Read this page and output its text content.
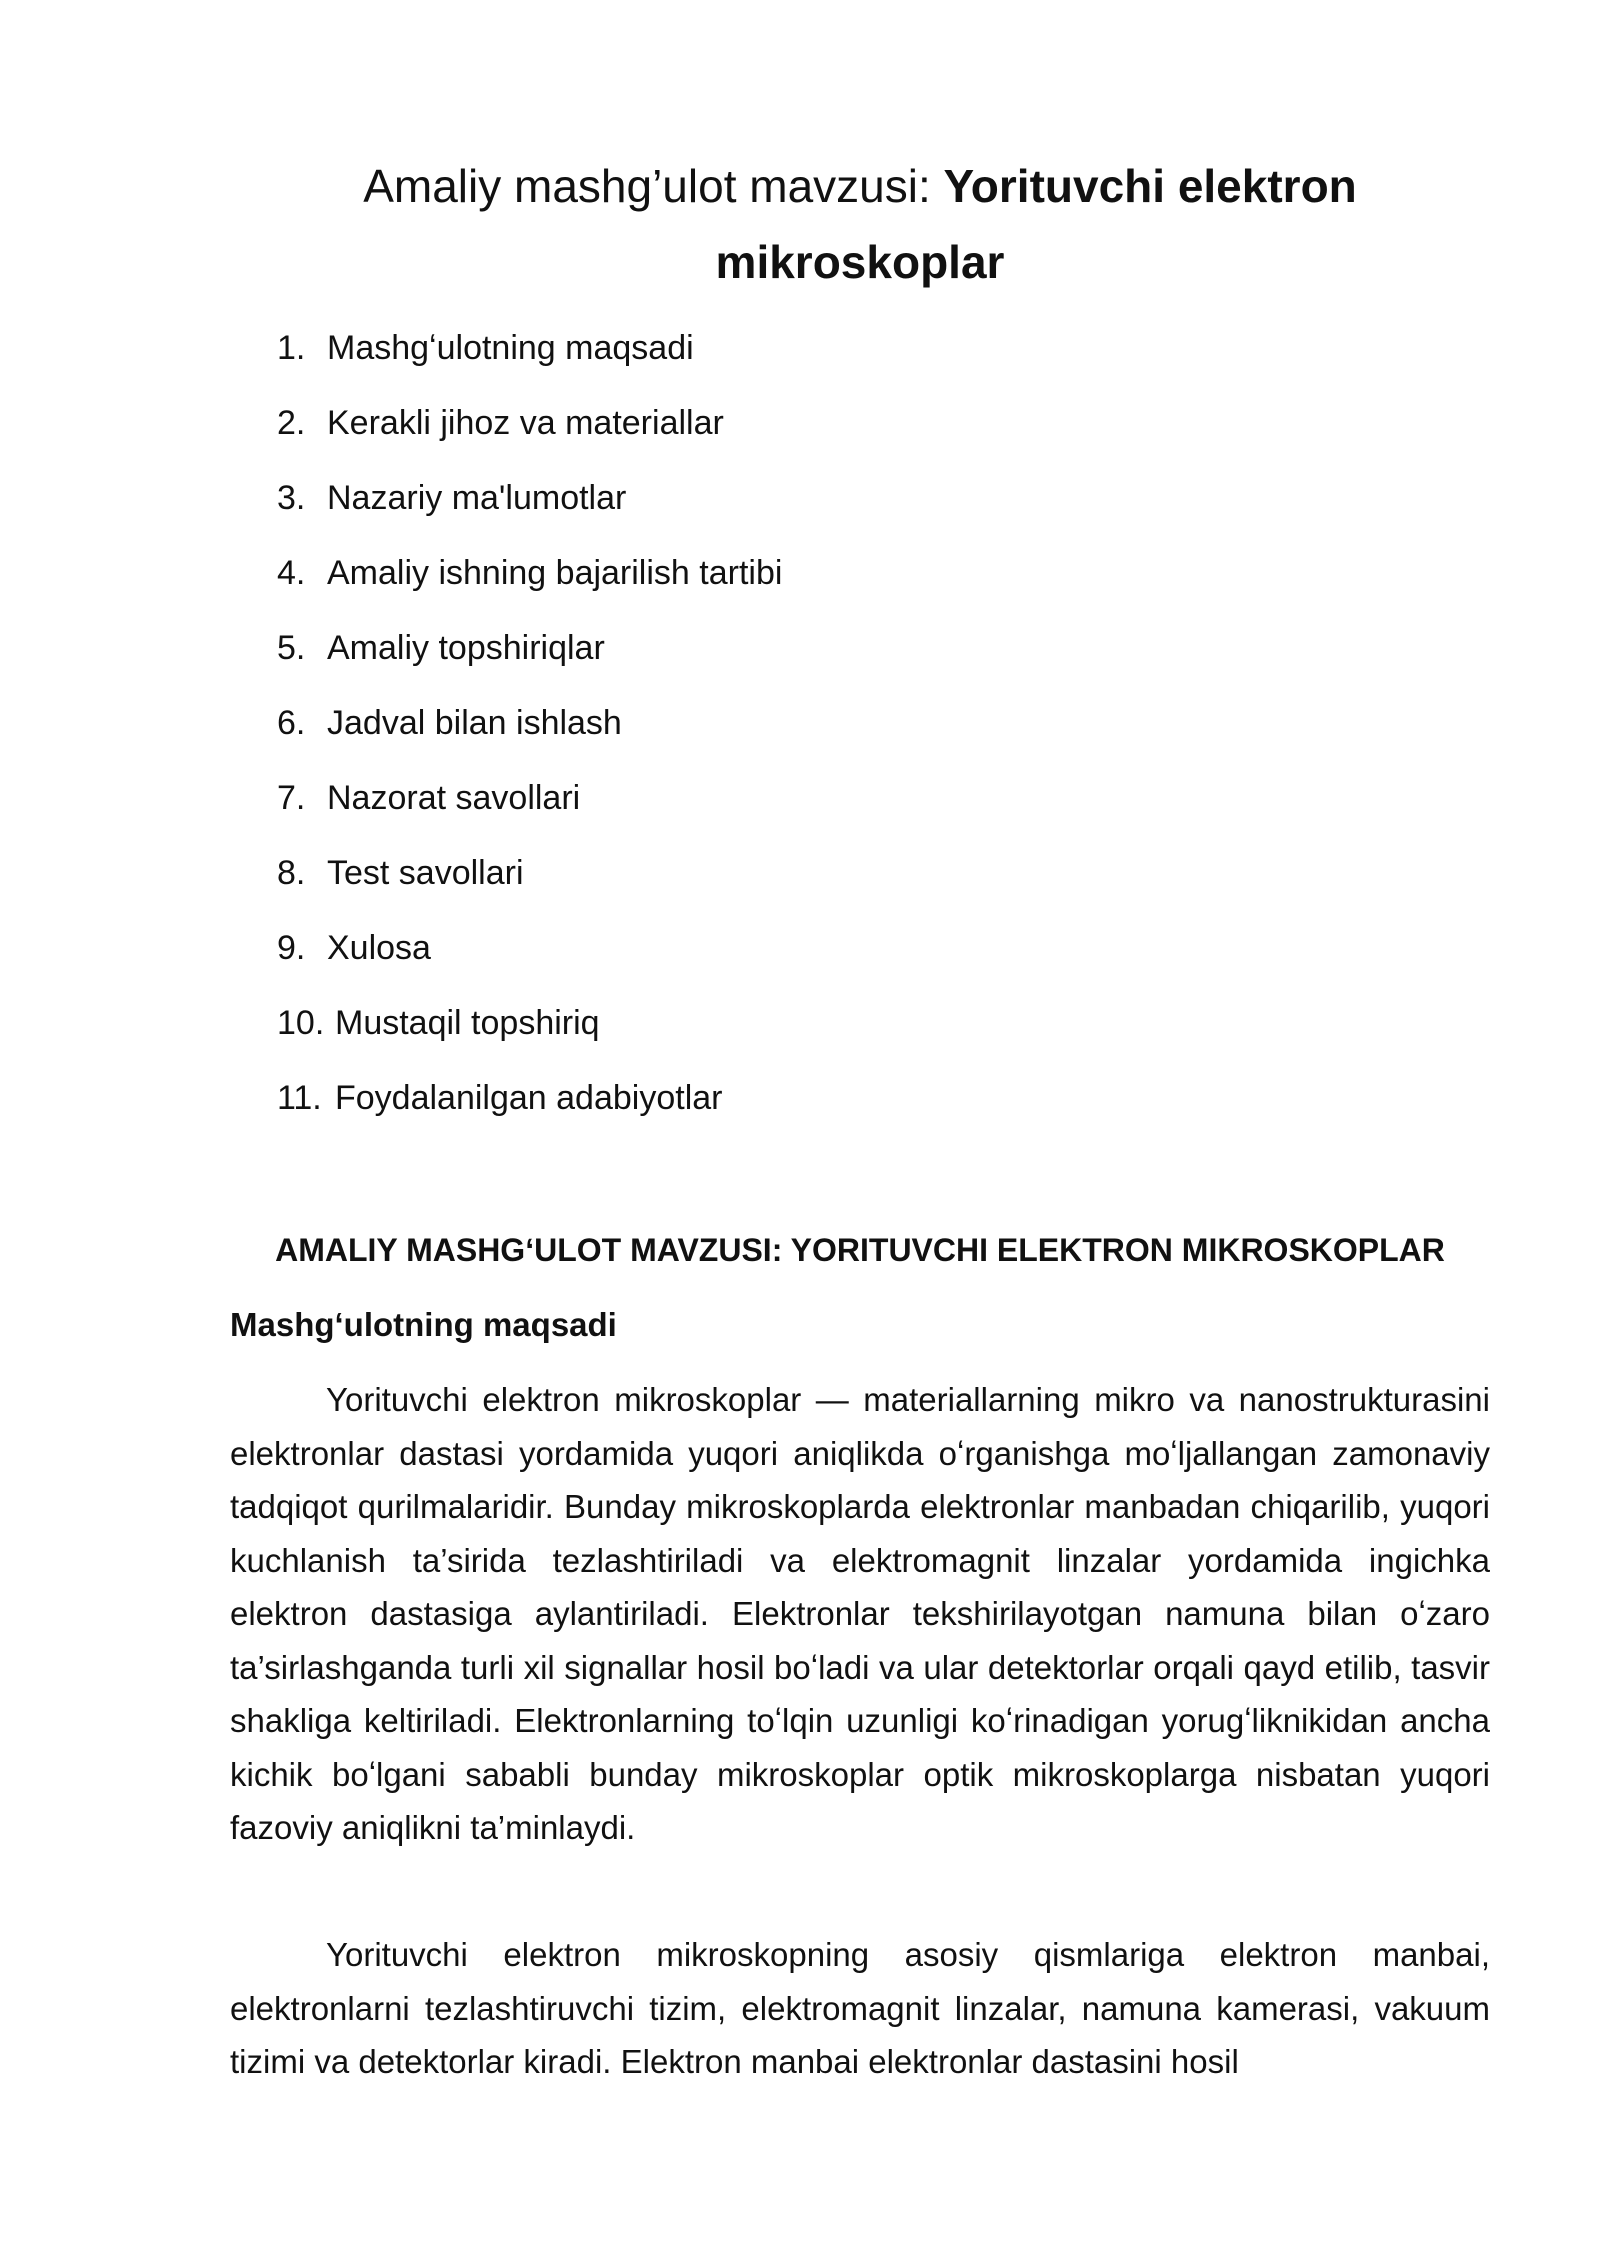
Amaliy mashg’ulot mavzusi: Yorituvchi elektron mikroskoplar
1. Mashgʻulotning maqsadi
2. Kerakli jihoz va materiallar
3. Nazariy ma'lumotlar
4. Amaliy ishning bajarilish tartibi
5. Amaliy topshiriqlar
6. Jadval bilan ishlash
7. Nazorat savollari
8. Test savollari
9. Xulosa
10. Mustaqil topshiriq
11. Foydalanilgan adabiyotlar
AMALIY MASHGʻULOT MAVZUSI: YORITUVCHI ELEKTRON MIKROSKOPLAR
Mashgʻulotning maqsadi

Yorituvchi elektron mikroskoplar — materiallarning mikro va nanostrukturasini elektronlar dastasi yordamida yuqori aniqlikda oʻrganishga moʻljallangan zamonaviy tadqiqot qurilmalaridir. Bunday mikroskoplarda elektronlar manbadan chiqarilib, yuqori kuchlanish ta’sirida tezlashtiriladi va elektromagnit linzalar yordamida ingichka elektron dastasiga aylantiriladi. Elektronlar tekshirilayotgan namuna bilan oʻzaro ta’sirlashganda turli xil signallar hosil boʻladi va ular detektorlar orqali qayd etilib, tasvir shakliga keltiriladi. Elektronlarning toʻlqin uzunligi koʻrinadigan yorugʻliknikidan ancha kichik boʻlgani sababli bunday mikroskoplar optik mikroskoplarga nisbatan yuqori fazoviy aniqlikni ta’minlaydi.

Yorituvchi elektron mikroskopning asosiy qismlariga elektron manbai, elektronlarni tezlashtiruvchi tizim, elektromagnit linzalar, namuna kamerasi, vakuum tizimi va detektorlar kiradi. Elektron manbai elektronlar dastasini hosil
